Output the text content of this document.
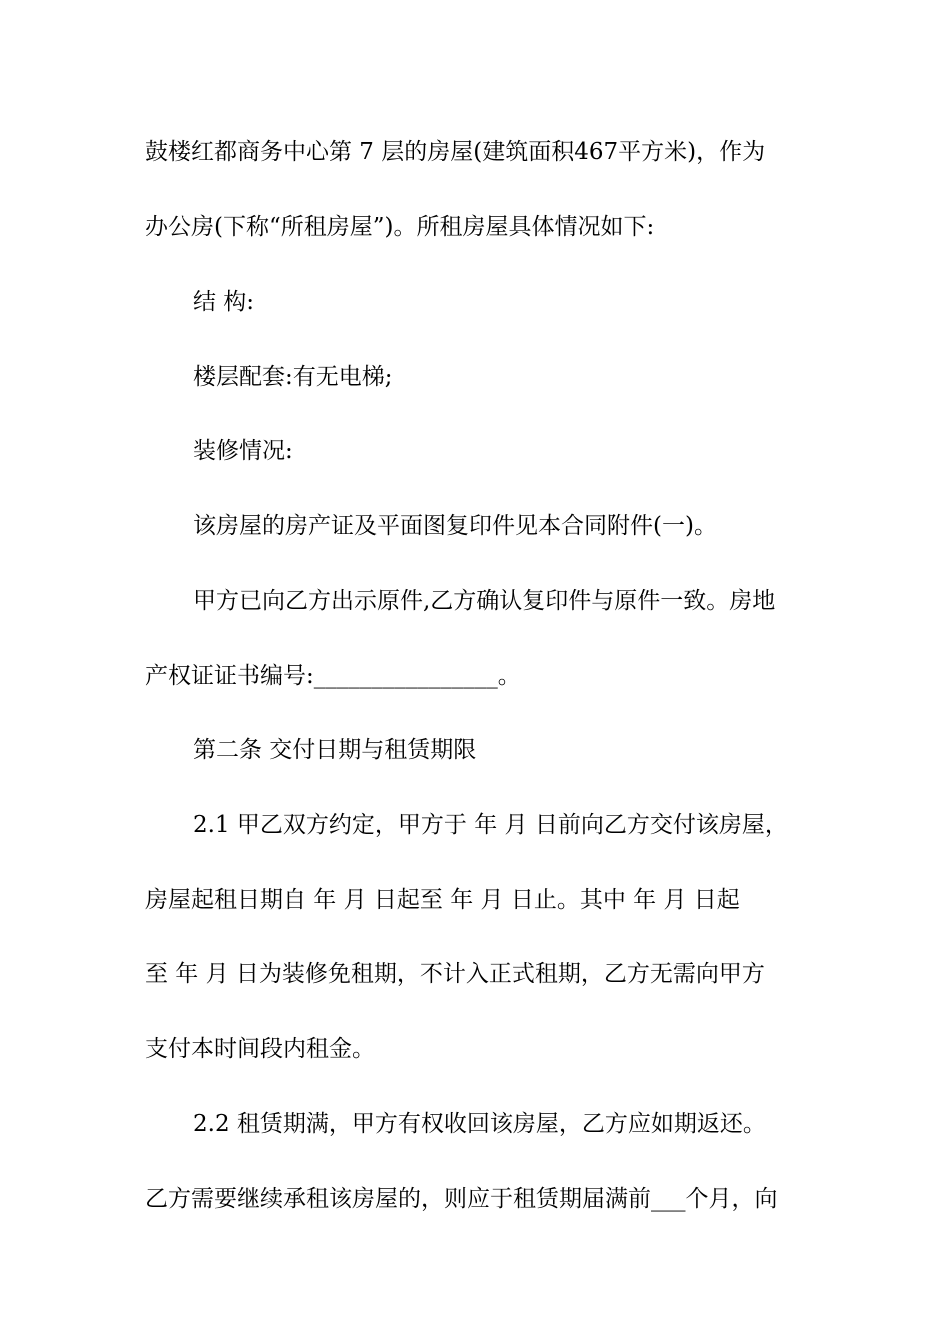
鼓楼红都商务中心第 7 层的房屋(建筑面积467平方米)，作为
办公房(下称“所租房屋”)。所租房屋具体情况如下:
结 构:
楼层配套:有无电梯;
装修情况:
该房屋的房产证及平面图复印件见本合同附件(一)。
甲方已向乙方出示原件,乙方确认复印件与原件一致。房地
产权证证书编号:________________。
第二条 交付日期与租赁期限
2.1 甲乙双方约定，甲方于 年 月 日前向乙方交付该房屋，
房屋起租日期自 年 月 日起至 年 月 日止。其中 年 月 日起
至 年 月 日为装修免租期，不计入正式租期，乙方无需向甲方
支付本时间段内租金。
2.2 租赁期满，甲方有权收回该房屋，乙方应如期返还。
乙方需要继续承租该房屋的，则应于租赁期届满前___个月，向
